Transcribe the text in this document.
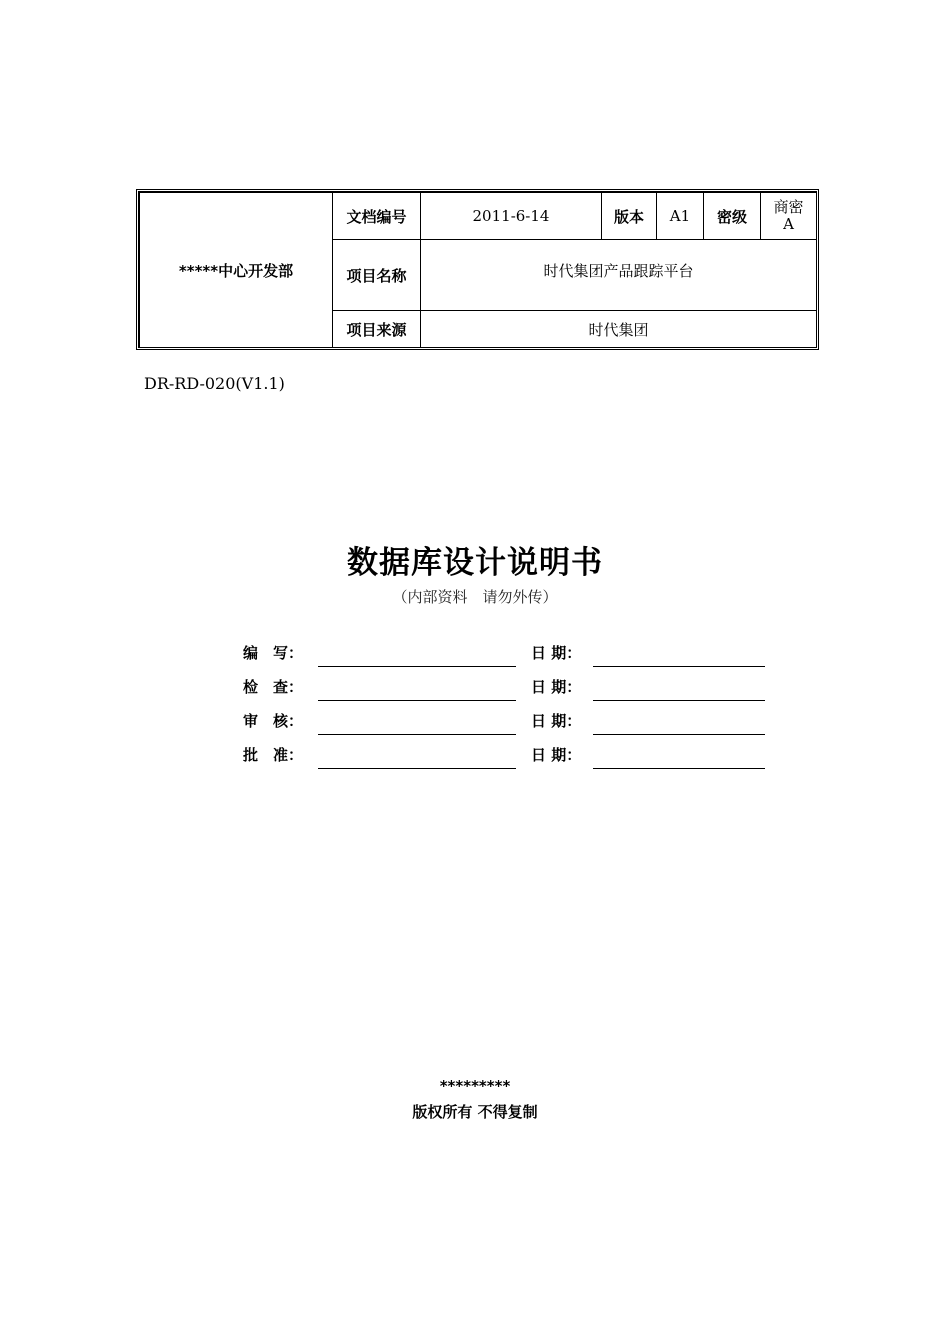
*****中心开发部	文档编号	2011-6-14	版本	A1	密级	商密
A

	项目名称	时代集团产品跟踪平台				
	项目来源	时代集团				
DR-RD-020(V1.1)
数据库设计说明书
（内部资料　请勿外传）
编　写：	日 期：
检　查：	日 期：
审　核：	日 期：
批　准：	日 期：
*********
版权所有 不得复制
